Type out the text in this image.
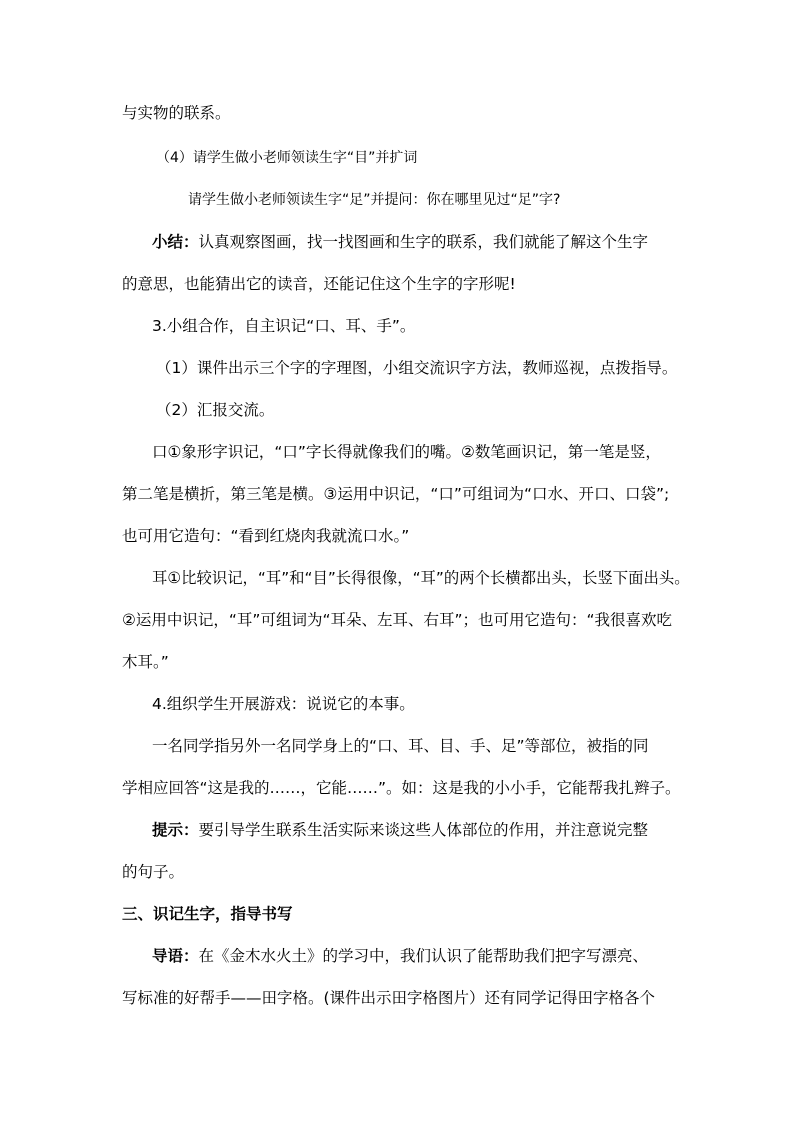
与实物的联系。
（4）请学生做小老师领读生字“目”并扩词
请学生做小老师领读生字“足”并提问：你在哪里见过“足”字?
小结：认真观察图画，找一找图画和生字的联系，我们就能了解这个生字
的意思，也能猜出它的读音，还能记住这个生字的字形呢!
3.小组合作，自主识记“口、耳、手”。
（1）课件出示三个字的字理图，小组交流识字方法，教师巡视，点拨指导。
（2）汇报交流。
口①象形字识记，“口”字长得就像我们的嘴。②数笔画识记，第一笔是竖，
第二笔是横折，第三笔是横。③运用中识记，“口”可组词为“口水、开口、口袋”;
也可用它造句：“看到红烧肉我就流口水。”
耳①比较识记，“耳”和“目”长得很像，“耳”的两个长横都出头，长竖下面出头。
②运用中识记，“耳”可组词为“耳朵、左耳、右耳”；也可用它造句：“我很喜欢吃
木耳。”
4.组织学生开展游戏：说说它的本事。
一名同学指另外一名同学身上的“口、耳、目、手、足”等部位，被指的同
学相应回答“这是我的……，它能……”。如：这是我的小小手，它能帮我扎辫子。
提示：要引导学生联系生活实际来谈这些人体部位的作用，并注意说完整
的句子。
三、识记生字，指导书写
导语：在《金木水火土》的学习中，我们认识了能帮助我们把字写漂亮、
写标准的好帮手——田字格。(课件出示田字格图片）还有同学记得田字格各个
